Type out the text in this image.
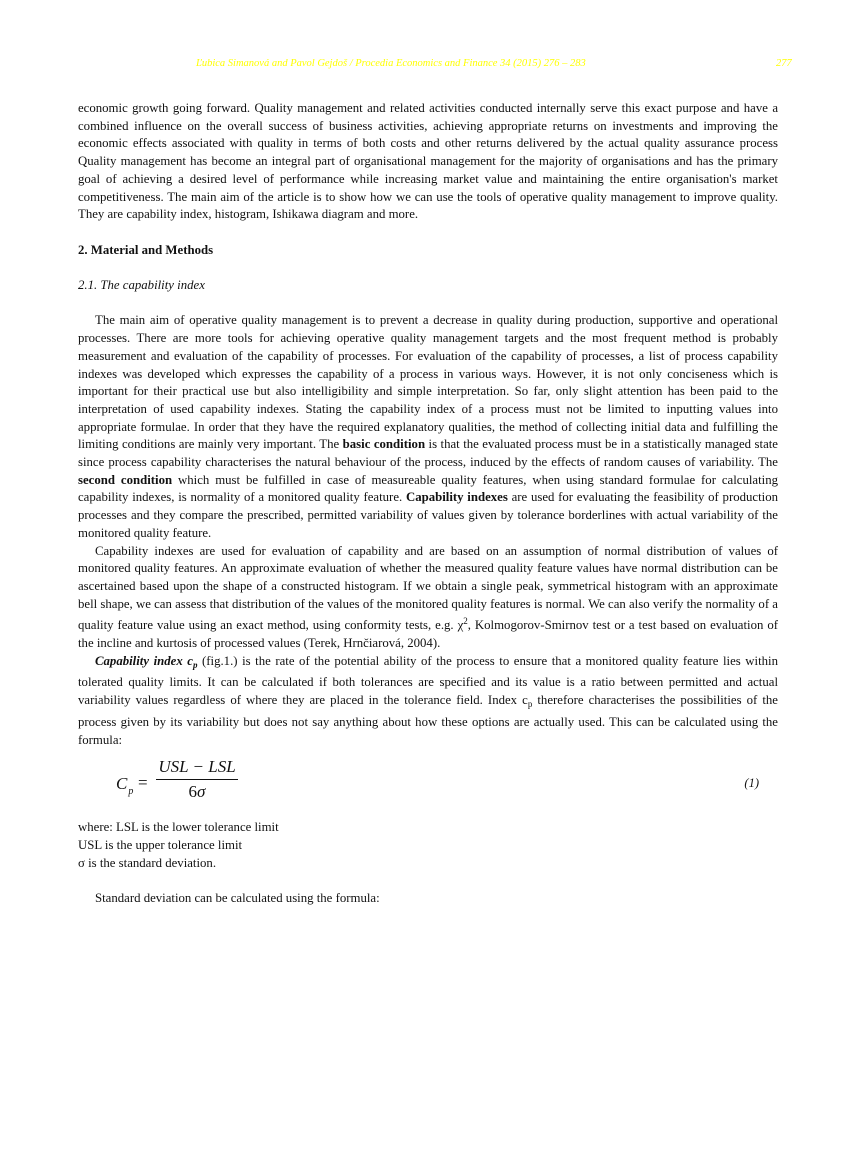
Ľubica Simanová and Pavol Gejdoš / Procedia Economics and Finance 34 (2015) 276 – 283	277

economic growth going forward. Quality management and related activities conducted internally serve this exact purpose and have a combined influence on the overall success of business activities, achieving appropriate returns on investments and improving the economic effects associated with quality in terms of both costs and other returns delivered by the actual quality assurance process Quality management has become an integral part of organisational management for the majority of organisations and has the primary goal of achieving a desired level of performance while increasing market value and maintaining the entire organisation's market competitiveness. The main aim of the article is to show how we can use the tools of operative quality management to improve quality. They are capability index, histogram, Ishikawa diagram and more.

2. Material and Methods

2.1. The capability index

The main aim of operative quality management is to prevent a decrease in quality during production, supportive and operational processes. There are more tools for achieving operative quality management targets and the most frequent method is probably measurement and evaluation of the capability of processes. For evaluation of the capability of processes, a list of process capability indexes was developed which expresses the capability of a process in various ways. However, it is not only conciseness which is important for their practical use but also intelligibility and simple interpretation. So far, only slight attention has been paid to the interpretation of used capability indexes. Stating the capability index of a process must not be limited to inputting values into appropriate formulae. In order that they have the required explanatory qualities, the method of collecting initial data and fulfilling the limiting conditions are mainly very important. The basic condition is that the evaluated process must be in a statistically managed state since process capability characterises the natural behaviour of the process, induced by the effects of random causes of variability. The second condition which must be fulfilled in case of measureable quality features, when using standard formulae for calculating capability indexes, is normality of a monitored quality feature. Capability indexes are used for evaluating the feasibility of production processes and they compare the prescribed, permitted variability of values given by tolerance borderlines with actual variability of the monitored quality feature.

Capability indexes are used for evaluation of capability and are based on an assumption of normal distribution of values of monitored quality features. An approximate evaluation of whether the measured quality feature values have normal distribution can be ascertained based upon the shape of a constructed histogram. If we obtain a single peak, symmetrical histogram with an approximate bell shape, we can assess that distribution of the values of the monitored quality features is normal. We can also verify the normality of a quality feature value using an exact method, using conformity tests, e.g. $\chi^2$, Kolmogorov-Smirnov test or a test based on evaluation of the incline and kurtosis of processed values (Terek, Hrnčiarová, 2004).

Capability index $c_p$ (fig.1.) is the rate of the potential ability of the process to ensure that a monitored quality feature lies within tolerated quality limits. It can be calculated if both tolerances are specified and its value is a ratio between permitted and actual variability values regardless of where they are placed in the tolerance field. Index $c_p$ therefore characterises the possibilities of the process given by its variability but does not say anything about how these options are actually used. This can be calculated using the formula:

$C_p$ =
USL − LSL
6σ	(1)

where: LSL is the lower tolerance limit

USL is the upper tolerance limit

σ is the standard deviation.

Standard deviation can be calculated using the formula:
